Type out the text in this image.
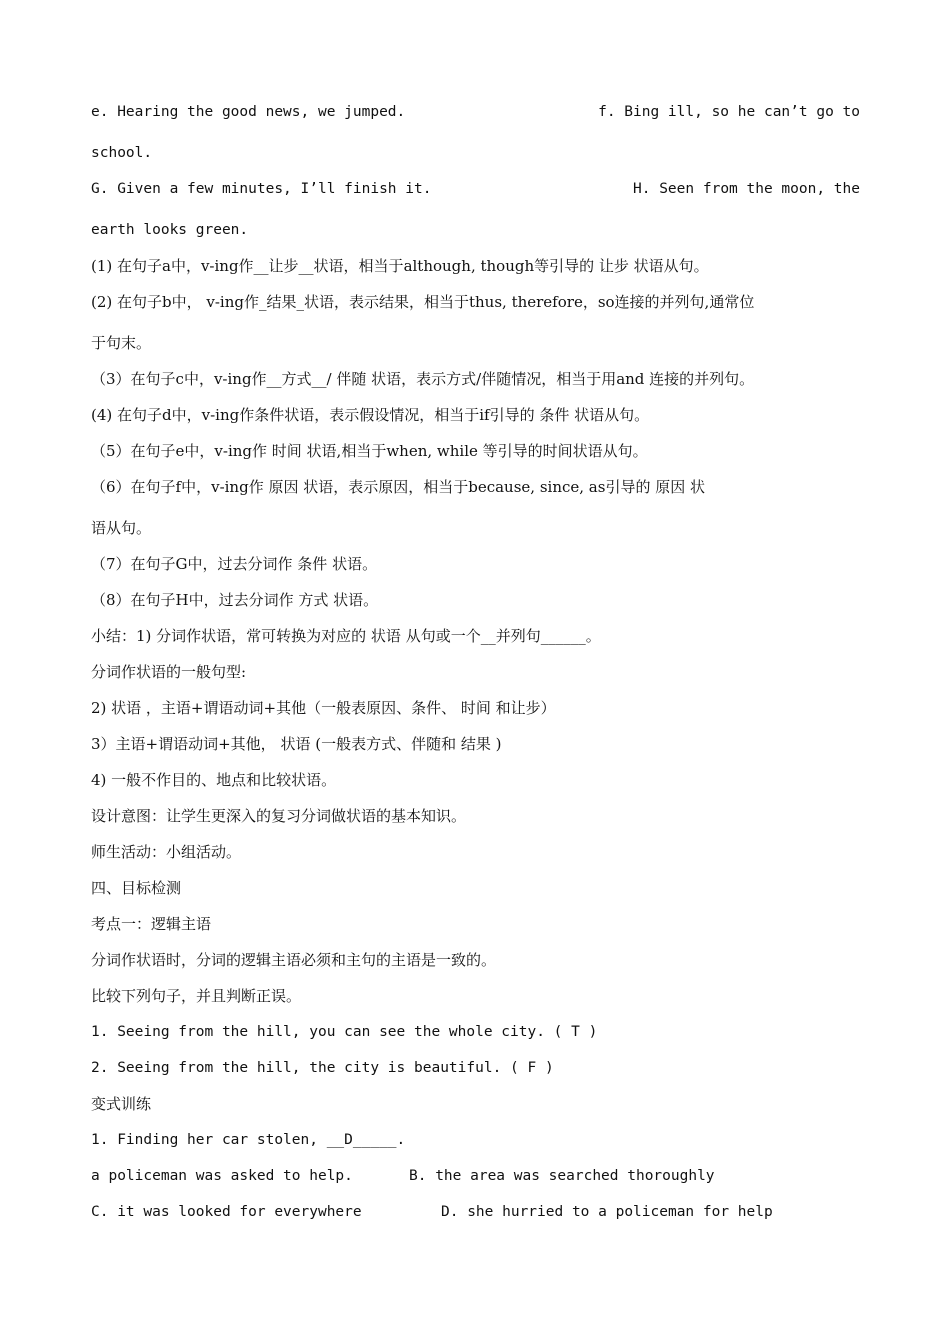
e. Hearing the good news, we jumped.	f. Bing ill, so he can’t go to
school.
G. Given a few minutes, I’ll finish it.	H. Seen from the moon, the
earth looks green.
(1) 在句子a中，v-ing作__让步__状语，相当于although, though等引导的 让步 状语从句。
(2) 在句子b中， v-ing作_结果_状语，表示结果，相当于thus, therefore，so连接的并列句,通常位
于句末。
（3）在句子c中，v-ing作__方式__/ 伴随 状语，表示方式/伴随情况，相当于用and 连接的并列句。
(4) 在句子d中，v-ing作条件状语，表示假设情况，相当于if引导的 条件 状语从句。
（5）在句子e中，v-ing作 时间 状语,相当于when, while 等引导的时间状语从句。
（6）在句子f中，v-ing作 原因 状语，表示原因，相当于because, since, as引导的 原因 状
语从句。
（7）在句子G中，过去分词作 条件 状语。
（8）在句子H中，过去分词作 方式 状语。
小结：1) 分词作状语，常可转换为对应的 状语 从句或一个__并列句______。
分词作状语的一般句型:
2) 状语 ，主语+谓语动词+其他（一般表原因、条件、 时间 和让步）
3）主语+谓语动词+其他， 状语 (一般表方式、伴随和 结果 )
4) 一般不作目的、地点和比较状语。
设计意图：让学生更深入的复习分词做状语的基本知识。
师生活动：小组活动。
四、目标检测
考点一：逻辑主语
分词作状语时，分词的逻辑主语必须和主句的主语是一致的。
比较下列句子，并且判断正误。
1. Seeing from the hill, you can see the whole city. ( T )
2. Seeing from the hill, the city is beautiful. ( F )
变式训练
1. Finding her car stolen, __D_____.
a policeman was asked to help.	B. the area was searched thoroughly
C. it was looked for everywhere	D. she hurried to a policeman for help
